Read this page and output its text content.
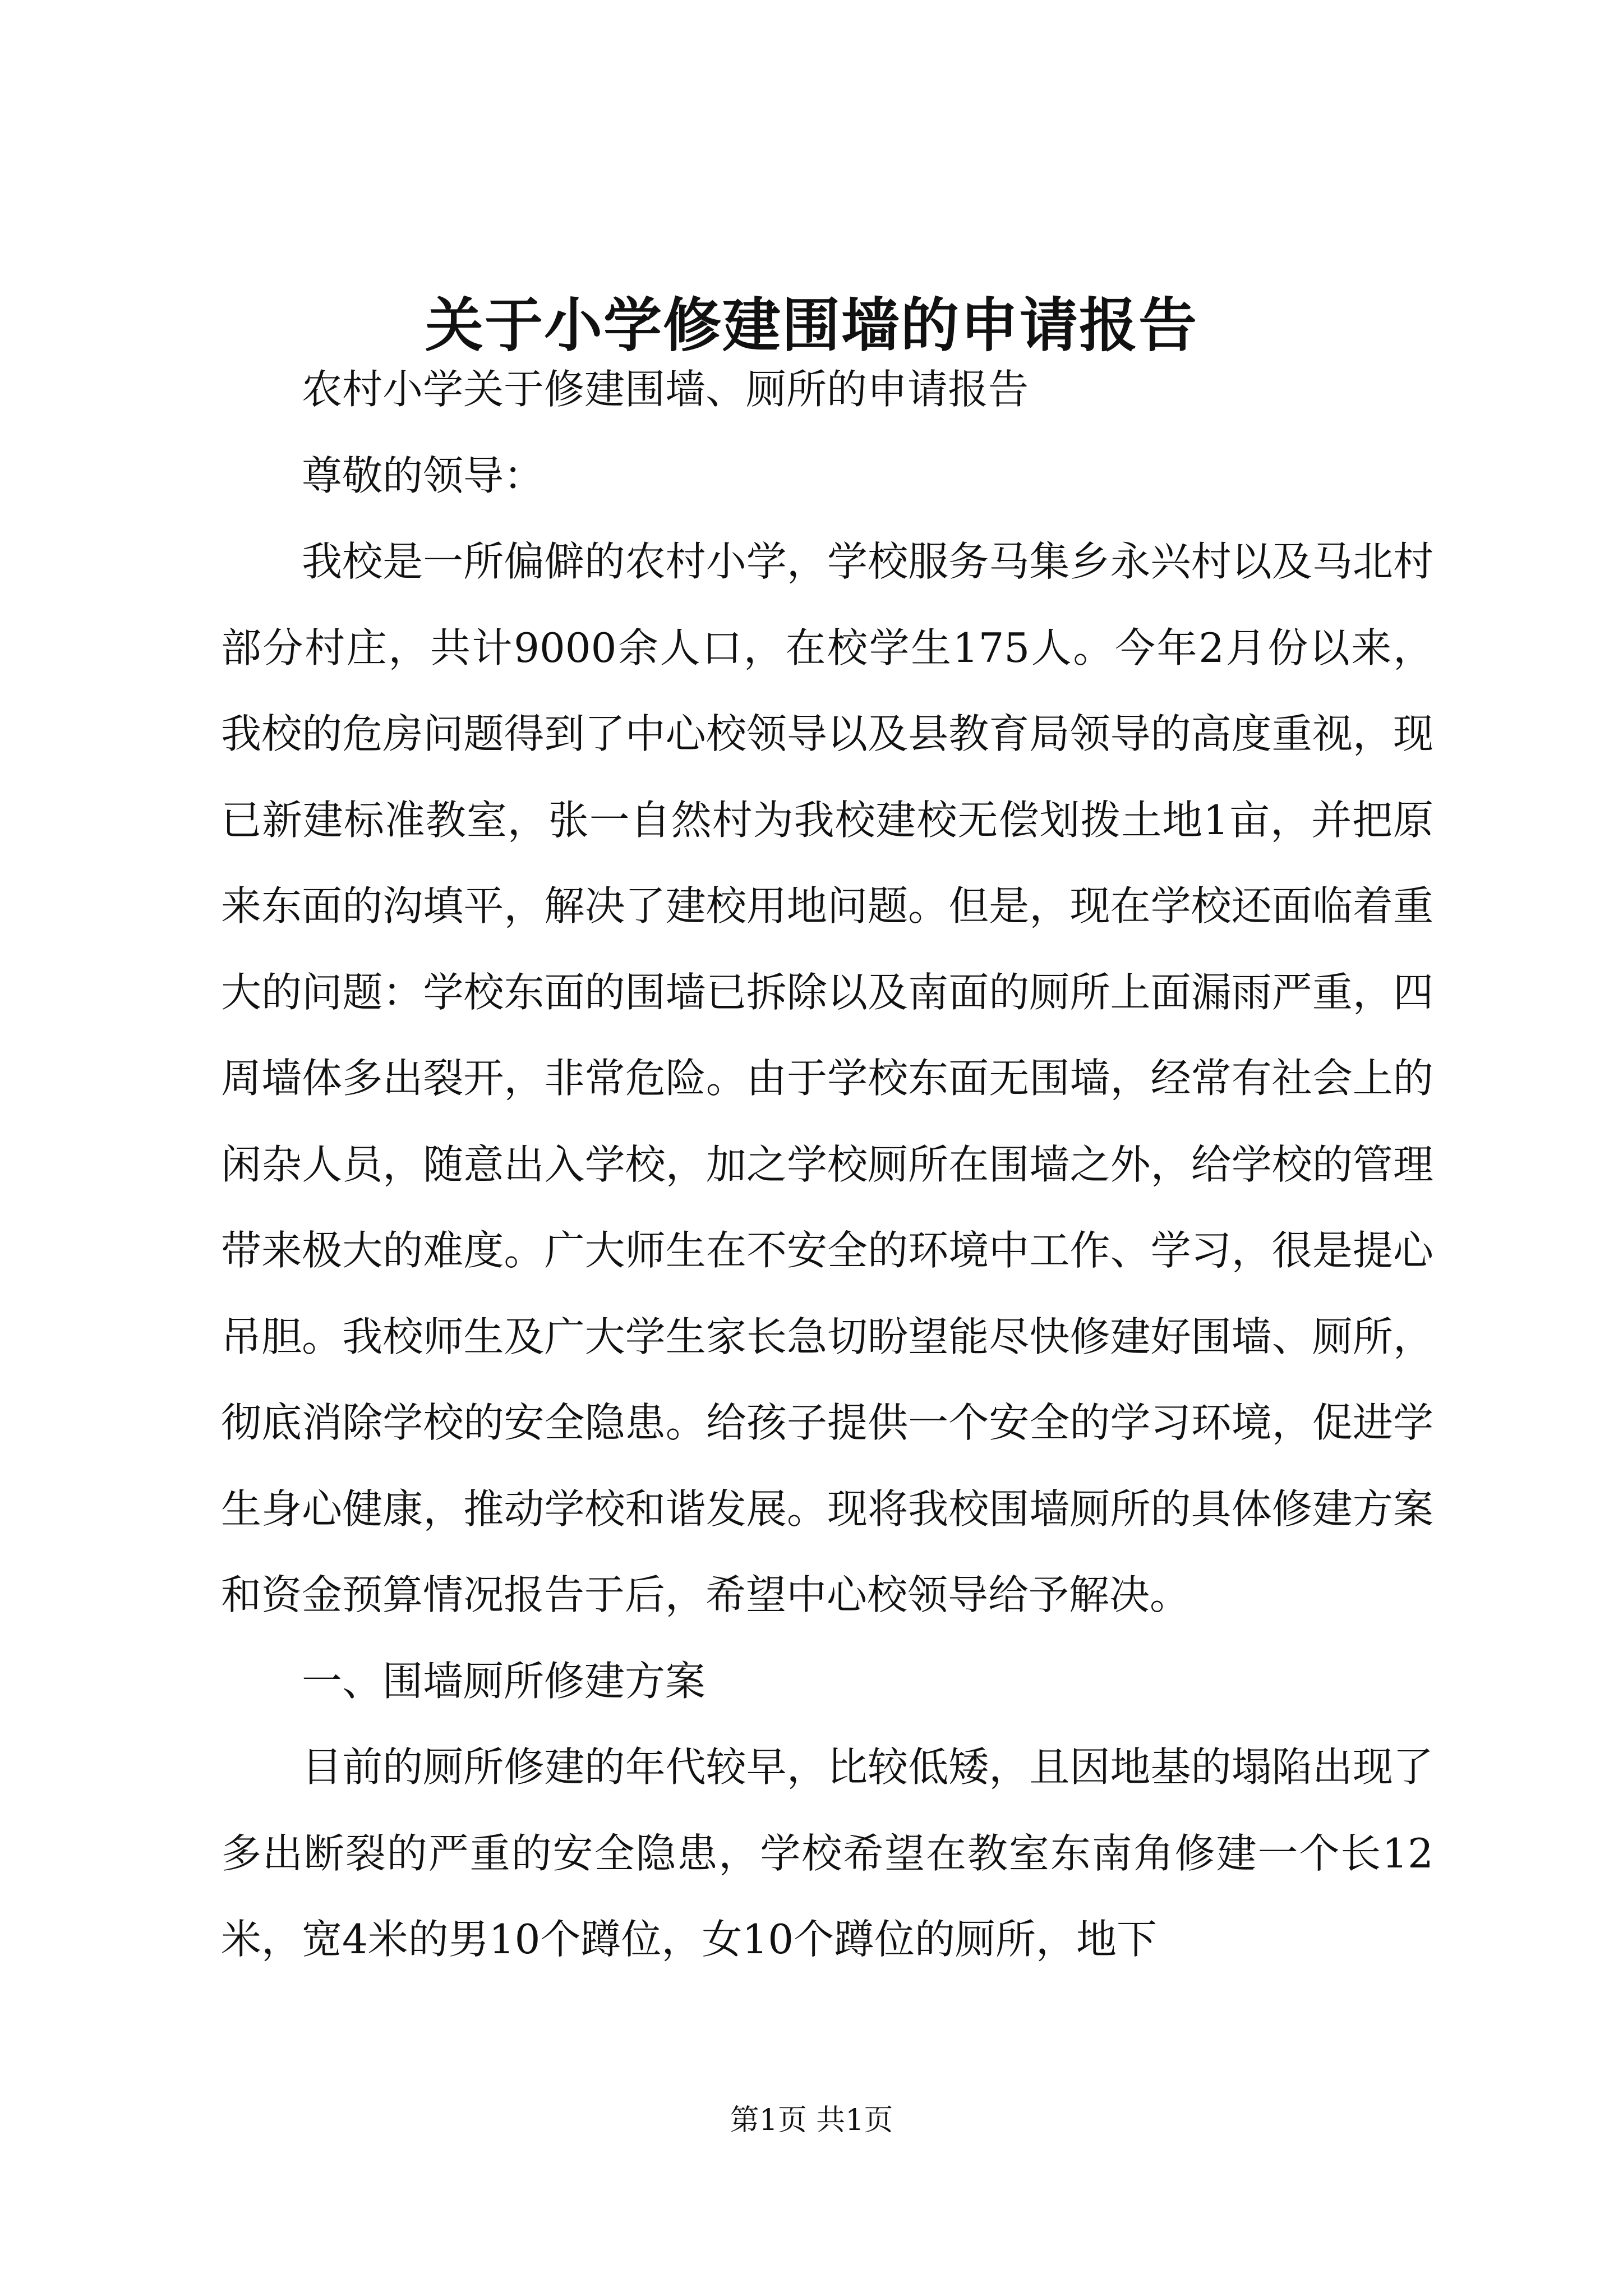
关于小学修建围墙的申请报告

农村小学关于修建围墙、厕所的申请报告

尊敬的领导：

我校是一所偏僻的农村小学，学校服务马集乡永兴村以及马北村部分村庄，共计9000余人口，在校学生175人。今年2月份以来，我校的危房问题得到了中心校领导以及县教育局领导的高度重视，现已新建标准教室，张一自然村为我校建校无偿划拨土地1亩，并把原来东面的沟填平，解决了建校用地问题。但是，现在学校还面临着重大的问题：学校东面的围墙已拆除以及南面的厕所上面漏雨严重，四周墙体多出裂开，非常危险。由于学校东面无围墙，经常有社会上的闲杂人员，随意出入学校，加之学校厕所在围墙之外，给学校的管理带来极大的难度。广大师生在不安全的环境中工作、学习，很是提心吊胆。我校师生及广大学生家长急切盼望能尽快修建好围墙、厕所，彻底消除学校的安全隐患。给孩子提供一个安全的学习环境，促进学生身心健康，推动学校和谐发展。现将我校围墙厕所的具体修建方案和资金预算情况报告于后，希望中心校领导给予解决。

一、围墙厕所修建方案

目前的厕所修建的年代较早，比较低矮，且因地基的塌陷出现了多出断裂的严重的安全隐患，学校希望在教室东南角修建一个长12米，宽4米的男10个蹲位，女10个蹲位的厕所，地下

第1页 共1页
